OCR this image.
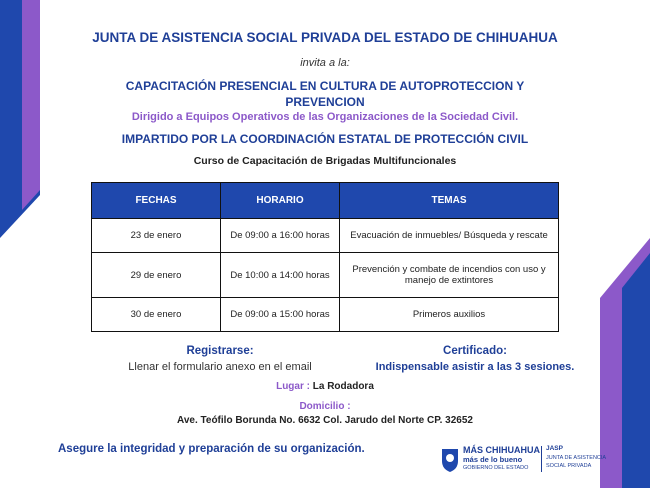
JUNTA DE ASISTENCIA SOCIAL PRIVADA DEL ESTADO DE CHIHUAHUA
invita a la:
CAPACITACIÓN PRESENCIAL EN CULTURA DE AUTOPROTECCION Y
PREVENCION
Dirigido a Equipos Operativos de las Organizaciones de la Sociedad Civil.
IMPARTIDO POR LA COORDINACIÓN ESTATAL DE PROTECCIÓN CIVIL
Curso de Capacitación de Brigadas Multifuncionales
FECHAS	HORARIO	TEMAS
23 de enero	De 09:00 a 16:00 horas	Evacuación de inmuebles/ Búsqueda y rescate
29 de enero	De 10:00 a 14:00 horas	Prevención y combate de incendios con uso y
manejo de extintores

30 de enero	De 09:00 a 15:00 horas	Primeros auxilios
Registrarse:
Llenar el formulario anexo en el email
Certificado:
Indispensable asistir a las 3 sesiones.
Lugar : La Rodadora
Domicilio :
Ave. Teófilo Borunda No. 6632 Col. Jarudo del Norte CP. 32652
Asegure la integridad y preparación de su organización.	MÁS CHIHUAHUA
más de lo bueno
GOBIERNO DEL ESTADO
JASP
JUNTA DE ASISTENCIA
SOCIAL PRIVADA
